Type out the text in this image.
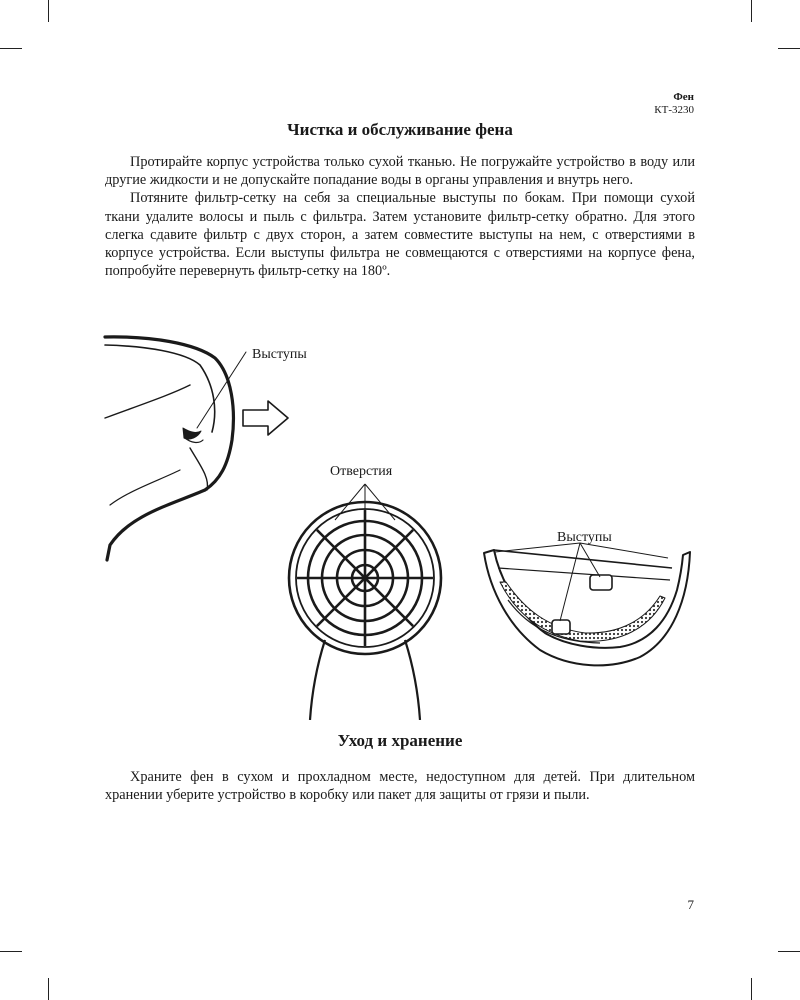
Фен
КТ-3230
Чистка и обслуживание фена

Протирайте корпус устройства только сухой тканью. Не погружайте устройство в воду или другие жидкости и не допускайте попадание воды в органы управления и внутрь него.

Потяните фильтр-сетку на себя за специальные выступы по бокам. При помощи сухой ткани удалите волосы и пыль с фильтра. Затем установите фильтр-сетку обратно. Для этого слегка сдавите фильтр с двух сторон, а затем совместите выступы на нем, с отверстиями в корпусе устройства. Если выступы фильтра не совмещаются с отверстиями на корпусе фена, попробуйте перевернуть фильтр-сетку на 180º.

Выступы
Отверстия
Выступы
Уход и хранение

Храните фен в сухом и прохладном месте, недоступном для детей. При длительном хранении уберите устройство в коробку или пакет для защиты от грязи и пыли.

7
